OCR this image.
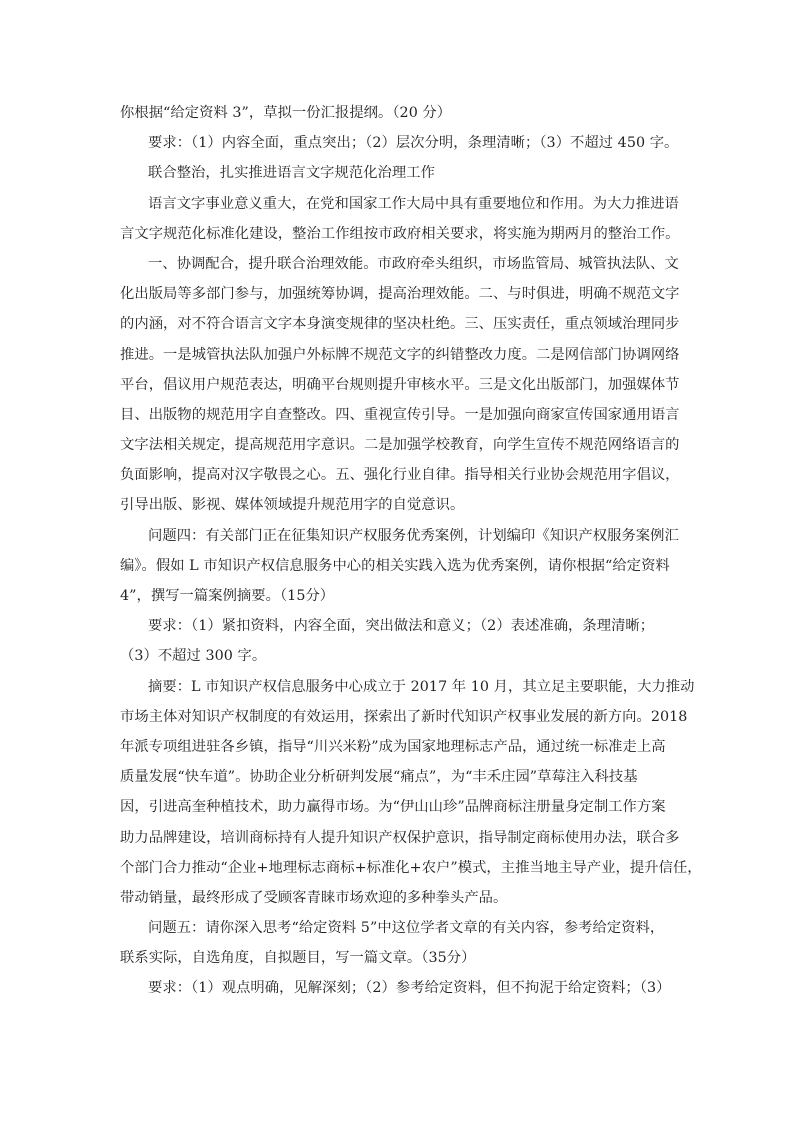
你根据“给定资料 3”，草拟一份汇报提纲。（20 分）
要求：（1）内容全面，重点突出；（2）层次分明，条理清晰；（3）不超过 450 字。
联合整治，扎实推进语言文字规范化治理工作
语言文字事业意义重大，在党和国家工作大局中具有重要地位和作用。为大力推进语
言文字规范化标准化建设，整治工作组按市政府相关要求，将实施为期两月的整治工作。
一、协调配合，提升联合治理效能。市政府牵头组织，市场监管局、城管执法队、文
化出版局等多部门参与，加强统筹协调，提高治理效能。二、与时俱进，明确不规范文字
的内涵，对不符合语言文字本身演变规律的坚决杜绝。三、压实责任，重点领域治理同步
推进。一是城管执法队加强户外标牌不规范文字的纠错整改力度。二是网信部门协调网络
平台，倡议用户规范表达，明确平台规则提升审核水平。三是文化出版部门，加强媒体节
目、出版物的规范用字自查整改。四、重视宣传引导。一是加强向商家宣传国家通用语言
文字法相关规定，提高规范用字意识。二是加强学校教育，向学生宣传不规范网络语言的
负面影响，提高对汉字敬畏之心。五、强化行业自律。指导相关行业协会规范用字倡议，
引导出版、影视、媒体领域提升规范用字的自觉意识。
问题四：有关部门正在征集知识产权服务优秀案例，计划编印《知识产权服务案例汇
编》。假如 L 市知识产权信息服务中心的相关实践入选为优秀案例，请你根据“给定资料
4”，撰写一篇案例摘要。（15分）
要求：（1）紧扣资料，内容全面，突出做法和意义；（2）表述准确，条理清晰；
（3）不超过 300 字。
摘要：L 市知识产权信息服务中心成立于 2017 年 10 月，其立足主要职能，大力推动
市场主体对知识产权制度的有效运用，探索出了新时代知识产权事业发展的新方向。2018
年派专项组进驻各乡镇，指导“川兴米粉”成为国家地理标志产品，通过统一标准走上高
质量发展“快车道”。协助企业分析研判发展“痛点”，为“丰禾庄园”草莓注入科技基
因，引进高奎种植技术，助力赢得市场。为“伊山山珍”品牌商标注册量身定制工作方案
助力品牌建设，培训商标持有人提升知识产权保护意识，指导制定商标使用办法，联合多
个部门合力推动“企业+地理标志商标+标准化+农户”模式，主推当地主导产业，提升信任，
带动销量，最终形成了受顾客青睐市场欢迎的多种拳头产品。
问题五：请你深入思考“给定资料 5”中这位学者文章的有关内容，参考给定资料，
联系实际，自选角度，自拟题目，写一篇文章。（35分）
要求：（1）观点明确，见解深刻；（2）参考给定资料，但不拘泥于给定资料；（3）
